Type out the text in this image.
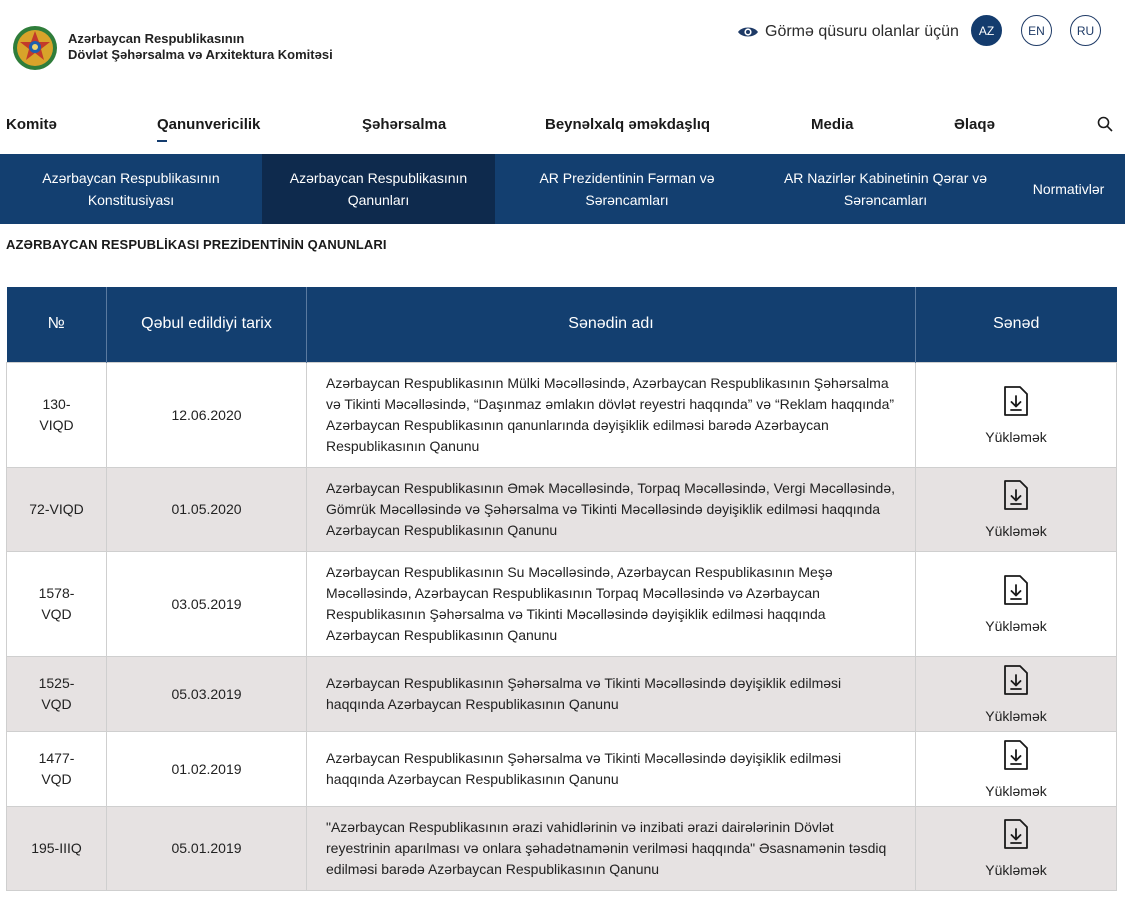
Azərbaycan Respublikasının
Dövlət Şəhərsalma və Arxitektura Komitəsi
Görmə qüsuru olanlar üçün	AZ	EN	RU
Komitə	Qanunvericilik	Şəhərsalma	Beynəlxalq əməkdaşlıq	Media	Əlaqə
Azərbaycan Respublikasının Konstitusiyası
Azərbaycan Respublikasının Qanunları
AR Prezidentinin Fərman və Sərəncamları
AR Nazirlər Kabinetinin Qərar və Sərəncamları
Normativlər
AZƏRBAYCAN RESPUBLİKASI PREZİDENTİNİN QANUNLARI
№	Qəbul edildiyi tarix	Sənədin adı	Sənəd
130-VIQD	12.06.2020	Azərbaycan Respublikasının Mülki Məcəlləsində, Azərbaycan Respublikasının Şəhərsalma və Tikinti Məcəlləsində, “Daşınmaz əmlakın dövlət reyestri haqqında” və “Reklam haqqında” Azərbaycan Respublikasının qanunlarında dəyişiklik edilməsi barədə Azərbaycan Respublikasının Qanunu	Yükləmək

72-VIQD	01.05.2020	Azərbaycan Respublikasının Əmək Məcəlləsində, Torpaq Məcəlləsində, Vergi Məcəlləsində, Gömrük Məcəlləsində və Şəhərsalma və Tikinti Məcəlləsində dəyişiklik edilməsi haqqında Azərbaycan Respublikasının Qanunu	Yükləmək

1578-VQD	03.05.2019	Azərbaycan Respublikasının Su Məcəlləsində, Azərbaycan Respublikasının Meşə Məcəlləsində, Azərbaycan Respublikasının Torpaq Məcəlləsində və Azərbaycan Respublikasının Şəhərsalma və Tikinti Məcəlləsində dəyişiklik edilməsi haqqında Azərbaycan Respublikasının Qanunu	Yükləmək

1525-VQD	05.03.2019	Azərbaycan Respublikasının Şəhərsalma və Tikinti Məcəlləsində dəyişiklik edilməsi haqqında Azərbaycan Respublikasının Qanunu	Yükləmək

1477-VQD	01.02.2019	Azərbaycan Respublikasının Şəhərsalma və Tikinti Məcəlləsində dəyişiklik edilməsi haqqında Azərbaycan Respublikasının Qanunu	Yükləmək

195-IIIQ	05.01.2019	"Azərbaycan Respublikasının ərazi vahidlərinin və inzibati ərazi dairələrinin Dövlət reyestrinin aparılması və onlara şəhadətnamənin verilməsi haqqında" Əsasnamənin təsdiq edilməsi barədə Azərbaycan Respublikasının Qanunu	Yükləmək
